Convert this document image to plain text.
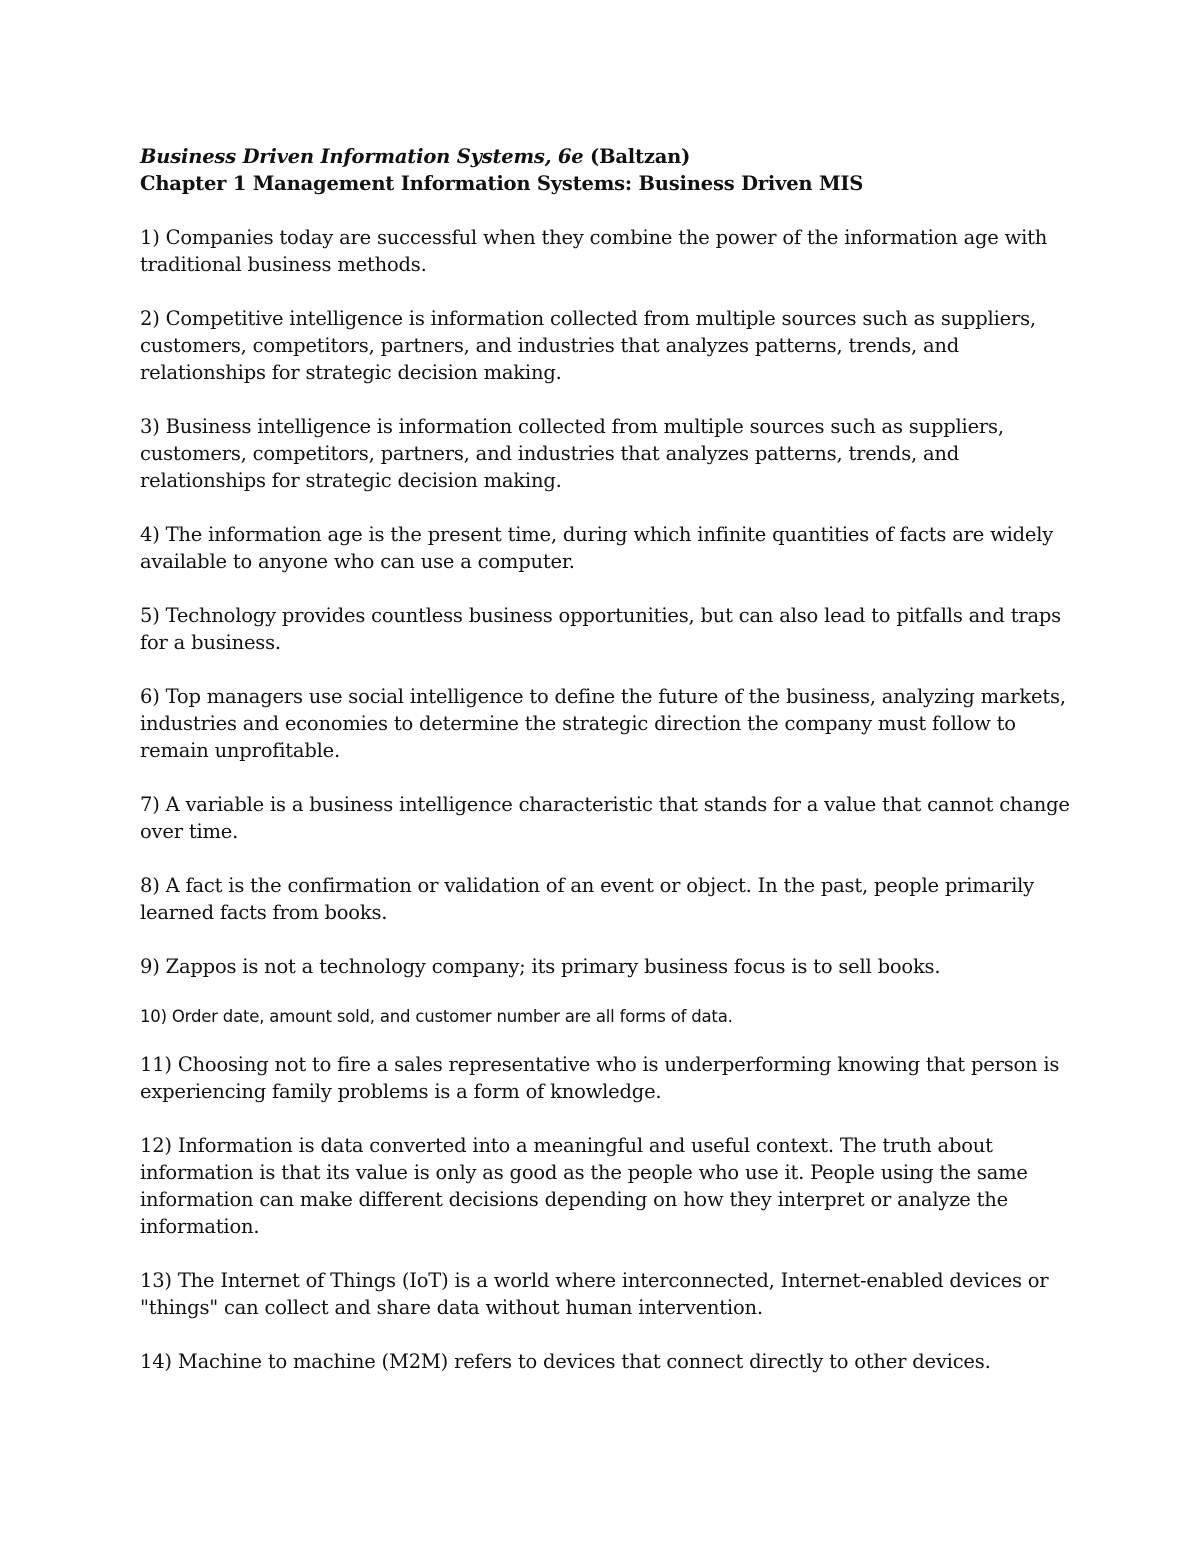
Business Driven Information Systems, 6e (Baltzan)
Chapter 1 Management Information Systems: Business Driven MIS

1) Companies today are successful when they combine the power of the information age with traditional business methods.

2) Competitive intelligence is information collected from multiple sources such as suppliers, customers, competitors, partners, and industries that analyzes patterns, trends, and relationships for strategic decision making.

3) Business intelligence is information collected from multiple sources such as suppliers, customers, competitors, partners, and industries that analyzes patterns, trends, and relationships for strategic decision making.

4) The information age is the present time, during which infinite quantities of facts are widely available to anyone who can use a computer.

5) Technology provides countless business opportunities, but can also lead to pitfalls and traps for a business.

6) Top managers use social intelligence to define the future of the business, analyzing markets, industries and economies to determine the strategic direction the company must follow to remain unprofitable.

7) A variable is a business intelligence characteristic that stands for a value that cannot change over time.

8) A fact is the confirmation or validation of an event or object. In the past, people primarily learned facts from books.

9) Zappos is not a technology company; its primary business focus is to sell books.

10) Order date, amount sold, and customer number are all forms of data.

11) Choosing not to fire a sales representative who is underperforming knowing that person is experiencing family problems is a form of knowledge.

12) Information is data converted into a meaningful and useful context. The truth about information is that its value is only as good as the people who use it. People using the same information can make different decisions depending on how they interpret or analyze the information.

13) The Internet of Things (IoT) is a world where interconnected, Internet-enabled devices or "things" can collect and share data without human intervention.

14) Machine to machine (M2M) refers to devices that connect directly to other devices.
